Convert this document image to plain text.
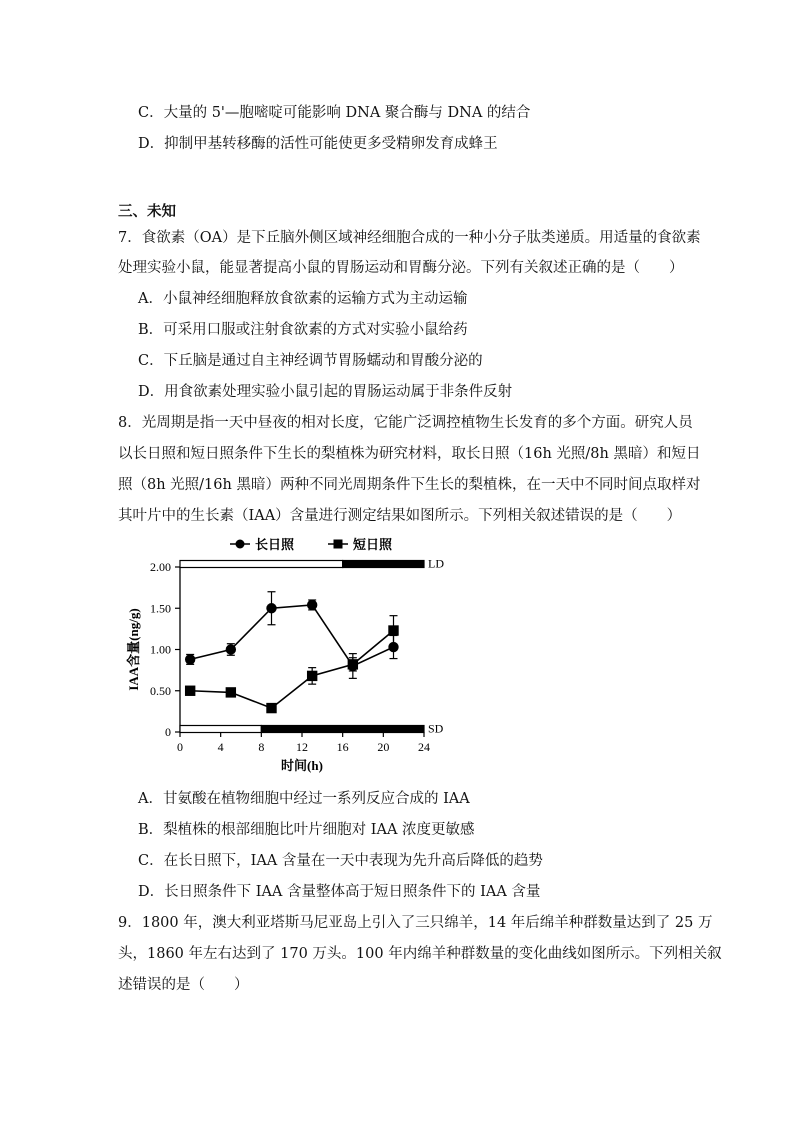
C．大量的 5'—胞嘧啶可能影响 DNA 聚合酶与 DNA 的结合
D．抑制甲基转移酶的活性可能使更多受精卵发育成蜂王
三、未知
7．食欲素（OA）是下丘脑外侧区域神经细胞合成的一种小分子肽类递质。用适量的食欲素
处理实验小鼠，能显著提高小鼠的胃肠运动和胃酶分泌。下列有关叙述正确的是（　　）
A．小鼠神经细胞释放食欲素的运输方式为主动运输
B．可采用口服或注射食欲素的方式对实验小鼠给药
C．下丘脑是通过自主神经调节胃肠蠕动和胃酸分泌的
D．用食欲素处理实验小鼠引起的胃肠运动属于非条件反射
8．光周期是指一天中昼夜的相对长度，它能广泛调控植物生长发育的多个方面。研究人员
以长日照和短日照条件下生长的梨植株为研究材料，取长日照（16h 光照/8h 黑暗）和短日
照（8h 光照/16h 黑暗）两种不同光周期条件下生长的梨植株，在一天中不同时间点取样对
其叶片中的生长素（IAA）含量进行测定结果如图所示。下列相关叙述错误的是（　　）
0
0.50
1.00
1.50
2.00
0	4	8	12 16 20 24
时间(h)
IAA含量(ng/g)
LD
SD
长日照	短日照
A．甘氨酸在植物细胞中经过一系列反应合成的 IAA
B．梨植株的根部细胞比叶片细胞对 IAA 浓度更敏感
C．在长日照下，IAA 含量在一天中表现为先升高后降低的趋势
D．长日照条件下 IAA 含量整体高于短日照条件下的 IAA 含量
9．1800 年，澳大利亚塔斯马尼亚岛上引入了三只绵羊，14 年后绵羊种群数量达到了 25 万
头，1860 年左右达到了 170 万头。100 年内绵羊种群数量的变化曲线如图所示。下列相关叙
述错误的是（　　）
